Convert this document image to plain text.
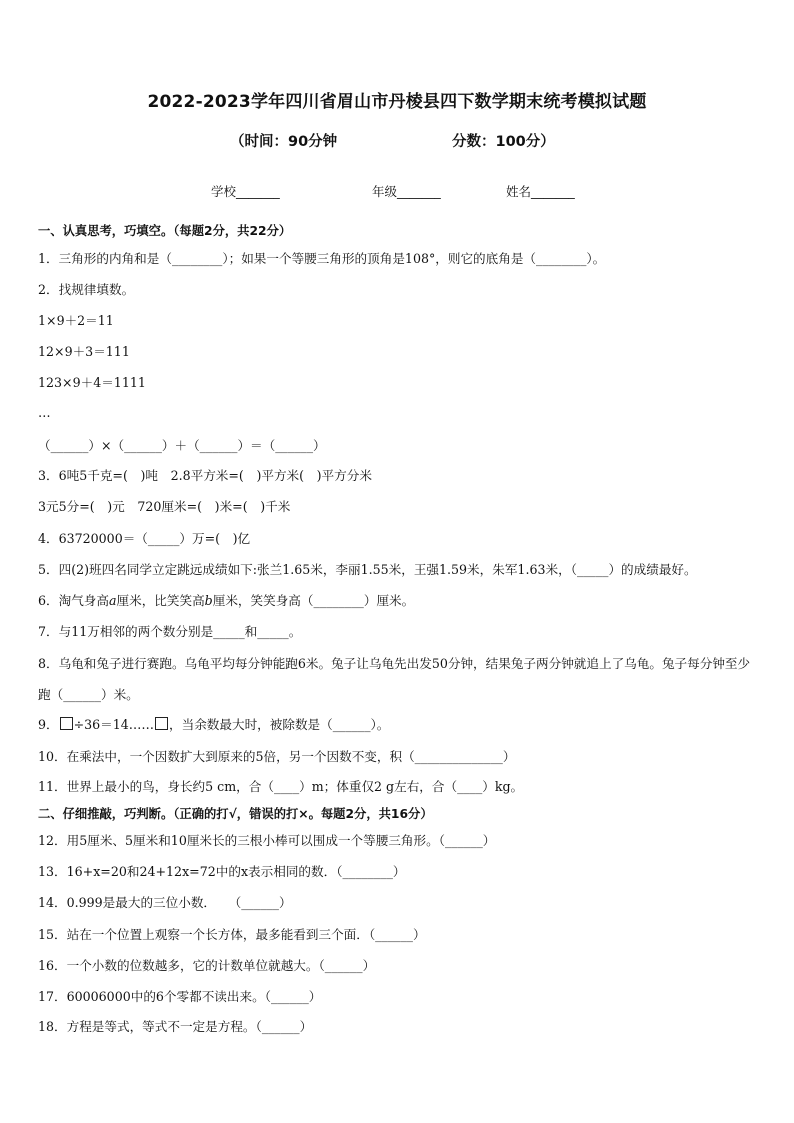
2022-2023学年四川省眉山市丹棱县四下数学期末统考模拟试题
（时间：90分钟	分数：100分）
学校_______	年级_______	姓名_______
一、认真思考，巧填空。（每题2分，共22分）
1．三角形的内角和是（________）；如果一个等腰三角形的顶角是108°，则它的底角是（________）。
2．找规律填数。
1×9＋2＝11
12×9＋3＝111
123×9＋4＝1111
…
（______）×（______）＋（______）＝（______）
3．6吨5千克=(　)吨　2.8平方米=(　)平方米(　)平方分米
3元5分=(　)元　720厘米=(　)米=(　)千米
4．63720000＝（_____）万=(　)亿
5．四(2)班四名同学立定跳远成绩如下:张兰1.65米，李丽1.55米，王强1.59米，朱军1.63米，（_____）的成绩最好。
6．淘气身高a厘米，比笑笑高b厘米，笑笑身高（________）厘米。
7．与11万相邻的两个数分别是_____和_____。
8．乌龟和兔子进行赛跑。乌龟平均每分钟能跑6米。兔子让乌龟先出发50分钟，结果兔子两分钟就追上了乌龟。兔子每分钟至少跑（______）米。
9． ÷36＝14…… ，当余数最大时，被除数是（______）。
10．在乘法中，一个因数扩大到原来的5倍，另一个因数不变，积（______________）
11．世界上最小的鸟，身长约5 cm，合（____）m；体重仅2 g左右，合（____）kg。
二、仔细推敲，巧判断。（正确的打√，错误的打×。每题2分，共16分）
12．用5厘米、5厘米和10厘米长的三根小棒可以围成一个等腰三角形。（______）
13．16+x=20和24+12x=72中的x表示相同的数．（________）
14．0.999是最大的三位小数．　　（______）
15．站在一个位置上观察一个长方体，最多能看到三个面．（______）
16．一个小数的位数越多，它的计数单位就越大。（______）
17．60006000中的6个零都不读出来。（______）
18．方程是等式，等式不一定是方程。（______）
